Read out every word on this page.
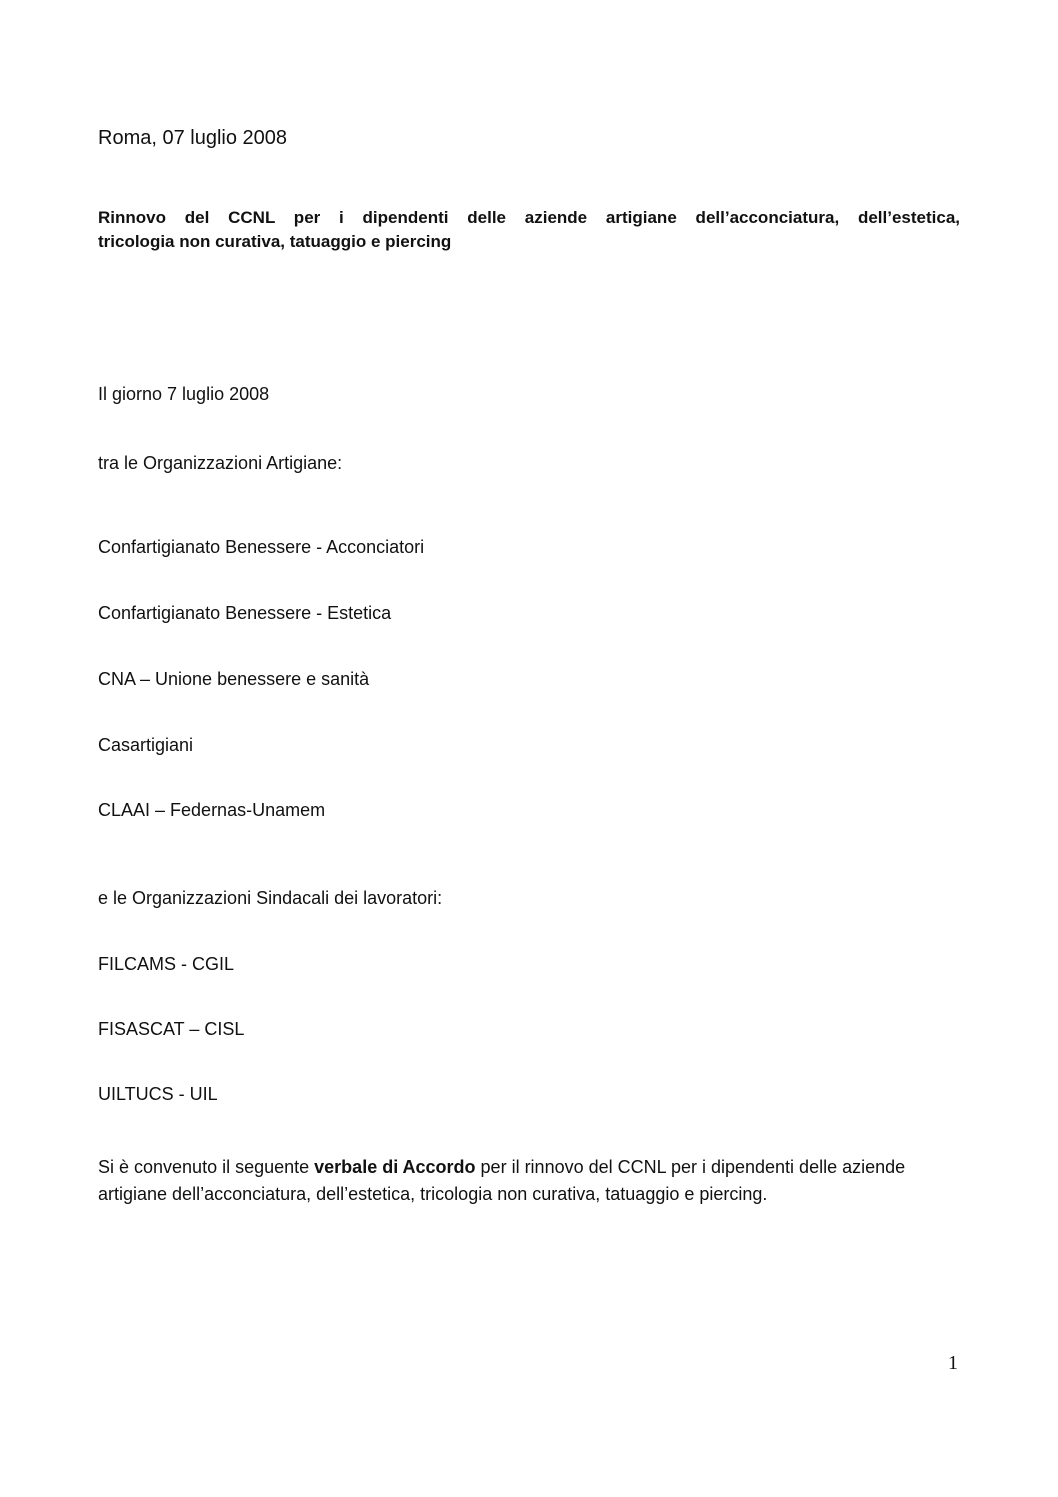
Roma, 07 luglio 2008

Rinnovo del CCNL per i dipendenti delle aziende artigiane dell’acconciatura, dell’estetica,
tricologia non curativa, tatuaggio e piercing

Il giorno 7 luglio 2008

tra le Organizzazioni Artigiane:

Confartigianato Benessere - Acconciatori

Confartigianato Benessere - Estetica

CNA – Unione benessere e sanità

Casartigiani

CLAAI – Federnas-Unamem

e le Organizzazioni Sindacali dei lavoratori:

FILCAMS - CGIL

FISASCAT – CISL

UILTUCS - UIL

Si è convenuto il seguente verbale di Accordo per il rinnovo del CCNL per i dipendenti delle aziende artigiane dell’acconciatura, dell’estetica, tricologia non curativa, tatuaggio e piercing.

1
